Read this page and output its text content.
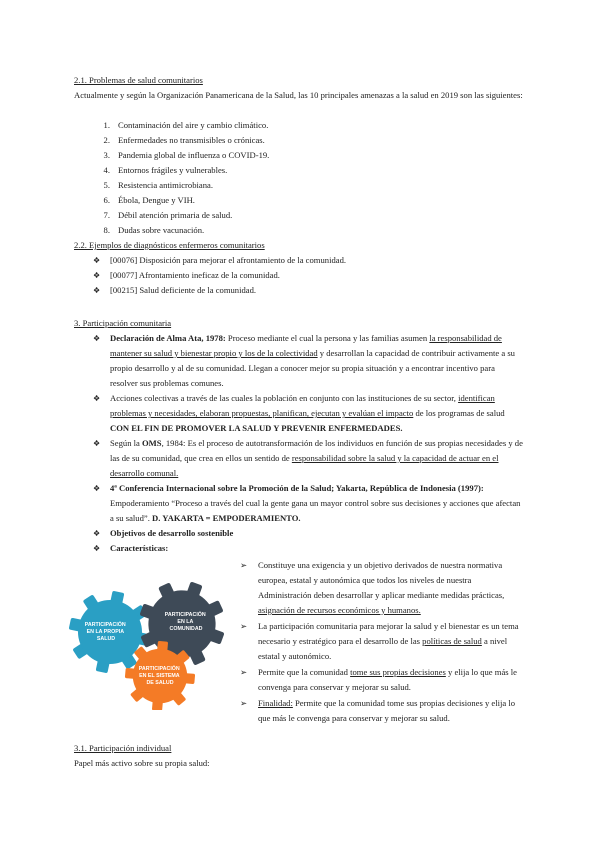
2.1. Problemas de salud comunitarios
Actualmente y según la Organización Panamericana de la Salud, las 10 principales amenazas a la salud en 2019 son las siguientes:
1. Contaminación del aire y cambio climático.
2. Enfermedades no transmisibles o crónicas.
3. Pandemia global de influenza o COVID-19.
4. Entornos frágiles y vulnerables.
5. Resistencia antimicrobiana.
6. Ébola, Dengue y VIH.
7. Débil atención primaria de salud.
8. Dudas sobre vacunación.
2.2. Ejemplos de diagnósticos enfermeros comunitarios
❖ [00076] Disposición para mejorar el afrontamiento de la comunidad.
❖ [00077] Afrontamiento ineficaz de la comunidad.
❖ [00215] Salud deficiente de la comunidad.
3. Participación comunitaria
❖ Declaración de Alma Ata, 1978: Proceso mediante el cual la persona y las familias asumen la responsabilidad de mantener su salud y bienestar propio y los de la colectividad y desarrollan la capacidad de contribuir activamente a su propio desarrollo y al de su comunidad. Llegan a conocer mejor su propia situación y a encontrar incentivo para resolver sus problemas comunes.
❖ Acciones colectivas a través de las cuales la población en conjunto con las instituciones de su sector, identifican problemas y necesidades, elaboran propuestas, planifican, ejecutan y evalúan el impacto de los programas de salud CON EL FIN DE PROMOVER LA SALUD Y PREVENIR ENFERMEDADES.
❖ Según la OMS, 1984: Es el proceso de autotransformación de los individuos en función de sus propias necesidades y de las de su comunidad, que crea en ellos un sentido de responsabilidad sobre la salud y la capacidad de actuar en el desarrollo comunal.
❖ 4ª Conferencia Internacional sobre la Promoción de la Salud; Yakarta, República de Indonesia (1997): Empoderamiento “Proceso a través del cual la gente gana un mayor control sobre sus decisiones y acciones que afectan a su salud”. D. YAKARTA = EMPODERAMIENTO.
❖ Objetivos de desarrollo sostenible
❖ Características:
➢ Constituye una exigencia y un objetivo derivados de nuestra normativa europea, estatal y autonómica que todos los niveles de nuestra Administración deben desarrollar y aplicar mediante medidas prácticas, asignación de recursos económicos y humanos.
➢ La participación comunitaria para mejorar la salud y el bienestar es un tema necesario y estratégico para el desarrollo de las políticas de salud a nivel estatal y autonómico.
➢ Permite que la comunidad tome sus propias decisiones y elija lo que más le convenga para conservar y mejorar su salud.
➢ Finalidad: Permite que la comunidad tome sus propias decisiones y elija lo que más le convenga para conservar y mejorar su salud.
PARTICIPACIÓN EN LA COMUNIDAD
PARTICIPACIÓN EN LA PROPIA SALUD
PARTICIPACIÓN EN EL SISTEMA DE SALUD
3.1. Participación individual
Papel más activo sobre su propia salud:
